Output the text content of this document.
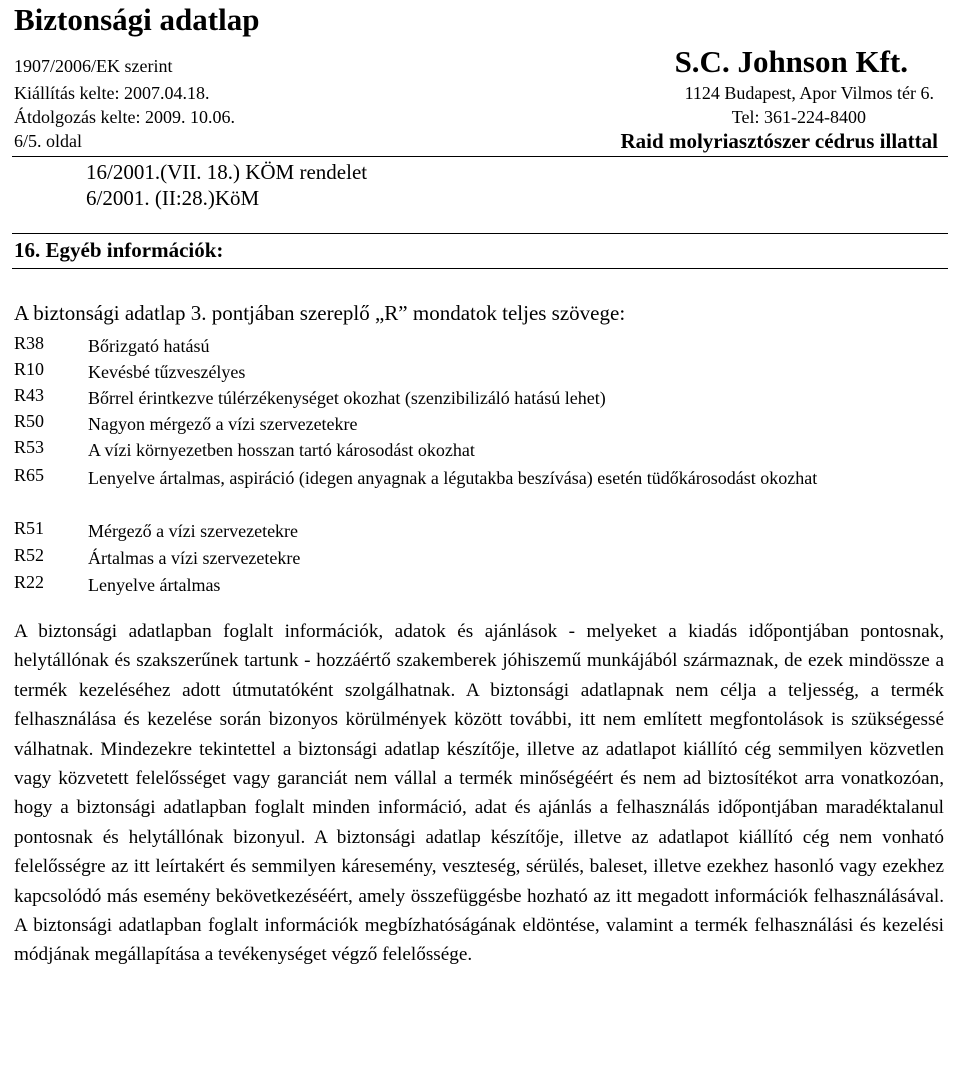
Biztonsági adatlap
1907/2006/EK szerint
Kiállítás kelte: 2007.04.18.
Átdolgozás kelte: 2009. 10.06.
6/5. oldal
S.C. Johnson Kft.
1124 Budapest, Apor Vilmos tér 6.
Tel: 361-224-8400
Raid molyriasztószer cédrus illattal
16/2001.(VII. 18.) KÖM rendelet
6/2001. (II:28.)KöM
16. Egyéb információk:
A biztonsági adatlap 3. pontjában szereplő „R” mondatok teljes szövege:
R38 Bőrizgató hatású
R10 Kevésbé tűzveszélyes
R43 Bőrrel érintkezve túlérzékenységet okozhat (szenzibilizáló hatású lehet)
R50 Nagyon mérgező a vízi szervezetekre
R53 A vízi környezetben hosszan tartó károsodást okozhat
R65 Lenyelve ártalmas, aspiráció (idegen anyagnak a légutakba beszívása) esetén tüdőkárosodást okozhat
R51 Mérgező a vízi szervezetekre
R52 Ártalmas a vízi szervezetekre
R22 Lenyelve ártalmas

A biztonsági adatlapban foglalt információk, adatok és ajánlások - melyeket a kiadás időpontjában pontosnak, helytállónak és szakszerűnek tartunk - hozzáértő szakemberek jóhiszemű munkájából származnak, de ezek mindössze a termék kezeléséhez adott útmutatóként szolgálhatnak. A biztonsági adatlapnak nem célja a teljesség, a termék felhasználása és kezelése során bizonyos körülmények között további, itt nem említett megfontolások is szükségessé válhatnak. Mindezekre tekintettel a biztonsági adatlap készítője, illetve az adatlapot kiállító cég semmilyen közvetlen vagy közvetett felelősséget vagy garanciát nem vállal a termék minőségéért és nem ad biztosítékot arra vonatkozóan, hogy a biztonsági adatlapban foglalt minden információ, adat és ajánlás a felhasználás időpontjában maradéktalanul pontosnak és helytállónak bizonyul. A biztonsági adatlap készítője, illetve az adatlapot kiállító cég nem vonható felelősségre az itt leírtakért és semmilyen káresemény, veszteség, sérülés, baleset, illetve ezekhez hasonló vagy ezekhez kapcsolódó más esemény bekövetkezéséért, amely összefüggésbe hozható az itt megadott információk felhasználásával. A biztonsági adatlapban foglalt információk megbízhatóságának eldöntése, valamint a termék felhasználási és kezelési módjának megállapítása a tevékenységet végző felelőssége.
